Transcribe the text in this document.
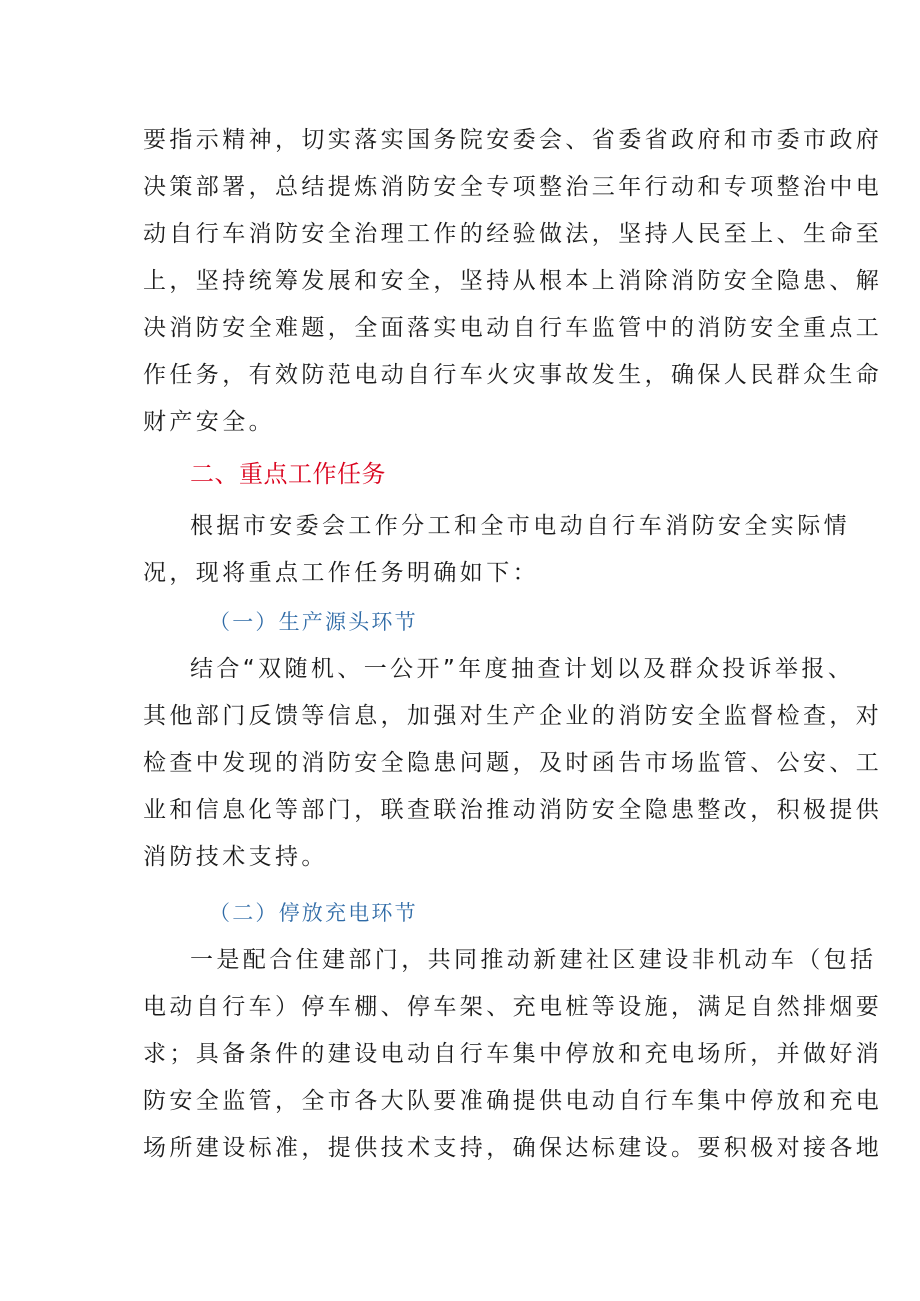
要指示精神，切实落实国务院安委会、省委省政府和市委市政府
决策部署，总结提炼消防安全专项整治三年行动和专项整治中电
动自行车消防安全治理工作的经验做法，坚持人民至上、生命至
上，坚持统筹发展和安全，坚持从根本上消除消防安全隐患、解
决消防安全难题，全面落实电动自行车监管中的消防安全重点工
作任务，有效防范电动自行车火灾事故发生，确保人民群众生命
财产安全。
二、重点工作任务
根据市安委会工作分工和全市电动自行车消防安全实际情
况，现将重点工作任务明确如下：
（一）生产源头环节
结合“双随机、一公开”年度抽查计划以及群众投诉举报、
其他部门反馈等信息，加强对生产企业的消防安全监督检查，对
检查中发现的消防安全隐患问题，及时函告市场监管、公安、工
业和信息化等部门，联查联治推动消防安全隐患整改，积极提供
消防技术支持。
（二）停放充电环节
一是配合住建部门，共同推动新建社区建设非机动车（包括
电动自行车）停车棚、停车架、充电桩等设施，满足自然排烟要
求；具备条件的建设电动自行车集中停放和充电场所，并做好消
防安全监管，全市各大队要准确提供电动自行车集中停放和充电
场所建设标准，提供技术支持，确保达标建设。要积极对接各地
